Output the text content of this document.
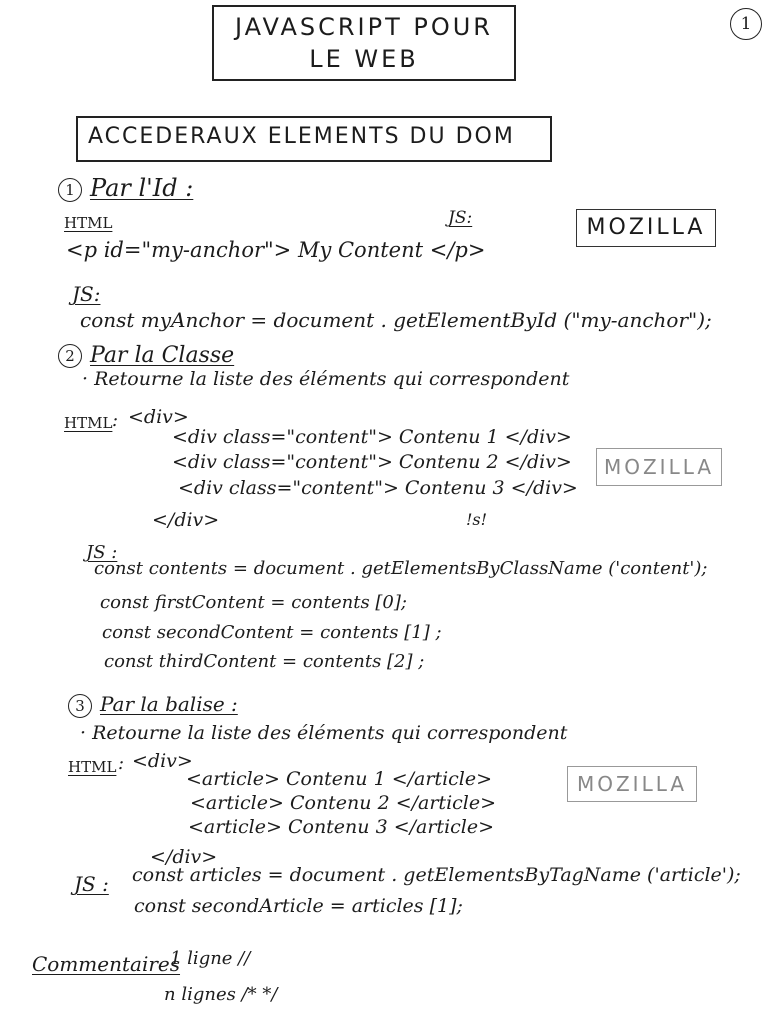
1
JAVASCRIPT POUR
LE WEB
ACCEDERAUX ELEMENTS DU DOM
1 Par l'Id :
HTML	JS:	MOZILLA
<p id="my-anchor"> My Content </p>
JS:
const myAnchor = document . getElementById ("my-anchor");
2 Par la Classe
· Retourne la liste des éléments qui correspondent
HTML : <div>
<div class="content"> Contenu 1 </div>
<div class="content"> Contenu 2 </div>
<div class="content"> Contenu 3 </div>
</div>
MOZILLA
!s!
JS :
const contents = document . getElementsByClassName ('content');
const firstContent = contents [0];
const secondContent = contents [1] ;
const thirdContent = contents [2] ;
3 Par la balise :
· Retourne la liste des éléments qui correspondent
HTML : <div>
<article> Contenu 1 </article>
<article> Contenu 2 </article>
<article> Contenu 3 </article>
</div>
MOZILLA
JS : const articles = document . getElementsByTagName ('article');
const secondArticle = articles [1];
Commentaires
1 ligne //
n lignes /* */
